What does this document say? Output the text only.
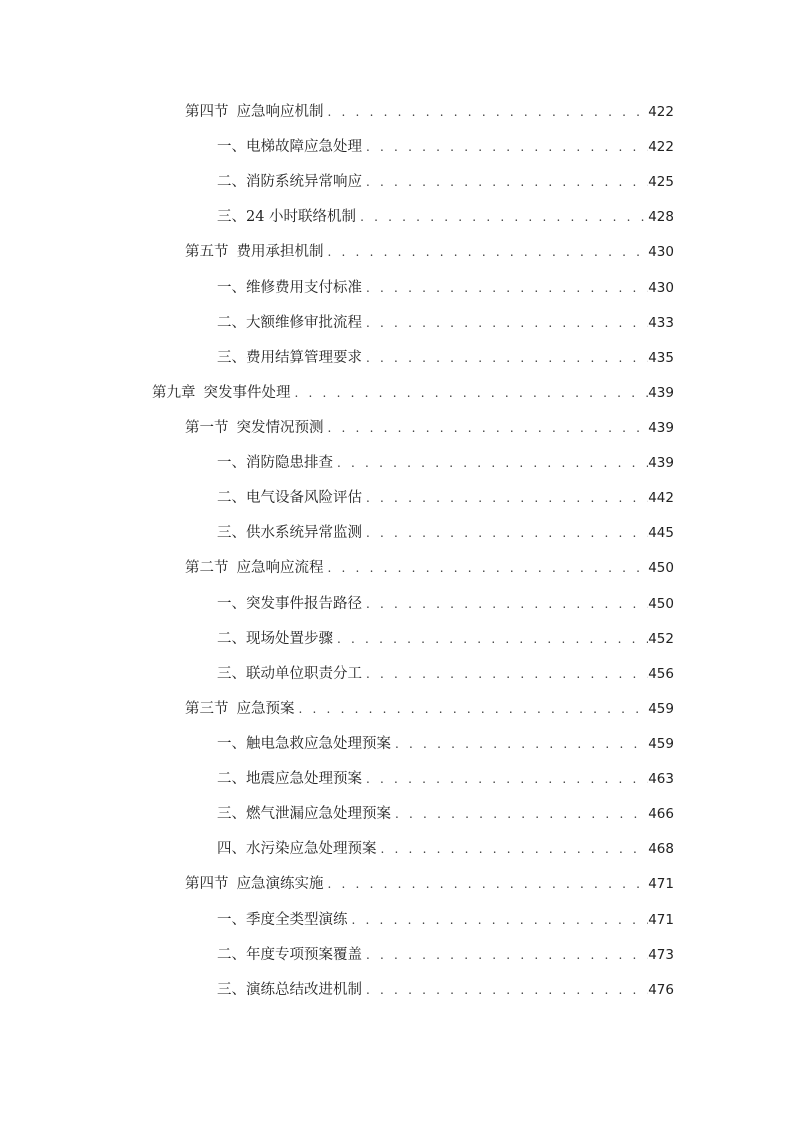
第四节 应急响应机制 . . .	422
一、 电梯故障应急处理 . . .	422
二、 消防系统异常响应 . . .	425
三、 24 小时联络机制 . . .	428
第五节 费用承担机制 . . .	430
一、 维修费用支付标准 . . .	430
二、 大额维修审批流程 . . .	433
三、 费用结算管理要求 . . .	435
第九章 突发事件处理 . . .	439
第一节 突发情况预测 . . .	439
一、 消防隐患排查 . . .	439
二、 电气设备风险评估 . . .	442
三、 供水系统异常监测 . . .	445
第二节 应急响应流程 . . .	450
一、 突发事件报告路径 . . .	450
二、 现场处置步骤 . . .	452
三、 联动单位职责分工 . . .	456
第三节 应急预案 . . .	459
一、 触电急救应急处理预案 . . .	459
二、 地震应急处理预案 . . .	463
三、 燃气泄漏应急处理预案 . . .	466
四、 水污染应急处理预案 . . .	468
第四节 应急演练实施 . . .	471
一、 季度全类型演练 . . .	471
二、 年度专项预案覆盖 . . .	473
三、 演练总结改进机制 . . .	476
